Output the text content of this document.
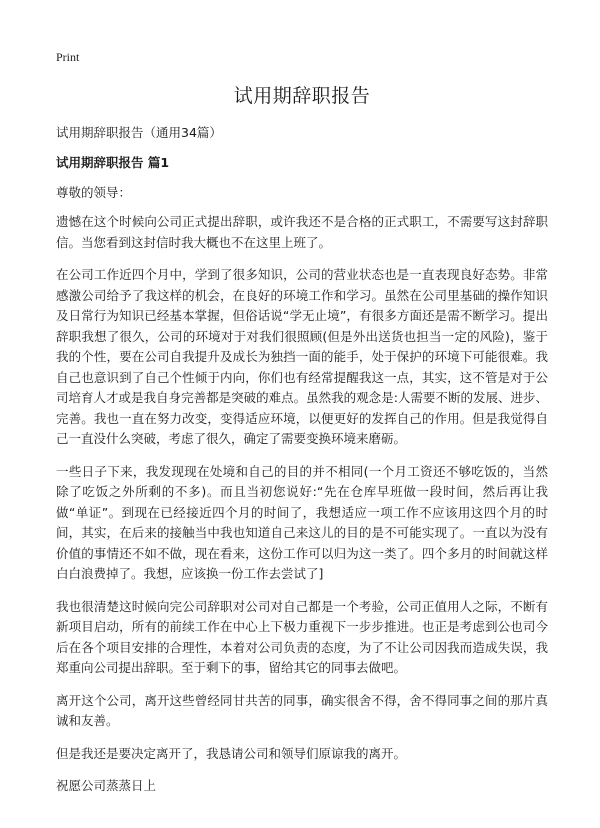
Print
试用期辞职报告

试用期辞职报告（通用34篇）

试用期辞职报告 篇1

尊敬的领导：

遗憾在这个时候向公司正式提出辞职，或许我还不是合格的正式职工，不需要写这封辞职信。当您看到这封信时我大概也不在这里上班了。

在公司工作近四个月中，学到了很多知识，公司的营业状态也是一直表现良好态势。非常感激公司给予了我这样的机会，在良好的环境工作和学习。虽然在公司里基础的操作知识及日常行为知识已经基本掌握，但俗话说“学无止境”，有很多方面还是需不断学习。提出辞职我想了很久，公司的环境对于对我们很照顾(但是外出送货也担当一定的风险)，鉴于我的个性，要在公司自我提升及成长为独挡一面的能手，处于保护的环境下可能很难。我自己也意识到了自己个性倾于内向，你们也有经常提醒我这一点，其实，这不管是对于公司培育人才或是我自身完善都是突破的难点。虽然我的观念是:人需要不断的发展、进步、完善。我也一直在努力改变，变得适应环境，以便更好的发挥自己的作用。但是我觉得自己一直没什么突破，考虑了很久，确定了需要变换环境来磨砺。

一些日子下来，我发现现在处境和自己的目的并不相同(一个月工资还不够吃饭的，当然除了吃饭之外所剩的不多)。而且当初您说好:“先在仓库早班做一段时间，然后再让我做“单证”。到现在已经接近四个月的时间了，我想适应一项工作不应该用这四个月的时间，其实，在后来的接触当中我也知道自己来这儿的目的是不可能实现了。一直以为没有价值的事情还不如不做，现在看来，这份工作可以归为这一类了。四个多月的时间就这样白白浪费掉了。我想，应该换一份工作去尝试了]

我也很清楚这时候向完公司辞职对公司对自己都是一个考验，公司正值用人之际，不断有新项目启动，所有的前续工作在中心上下极力重视下一步步推进。也正是考虑到公也司今后在各个项目安排的合理性，本着对公司负责的态度，为了不让公司因我而造成失误，我郑重向公司提出辞职。至于剩下的事，留给其它的同事去做吧。

离开这个公司，离开这些曾经同甘共苦的同事，确实很舍不得，舍不得同事之间的那片真诚和友善。

但是我还是要决定离开了，我恳请公司和领导们原谅我的离开。

祝愿公司蒸蒸日上
